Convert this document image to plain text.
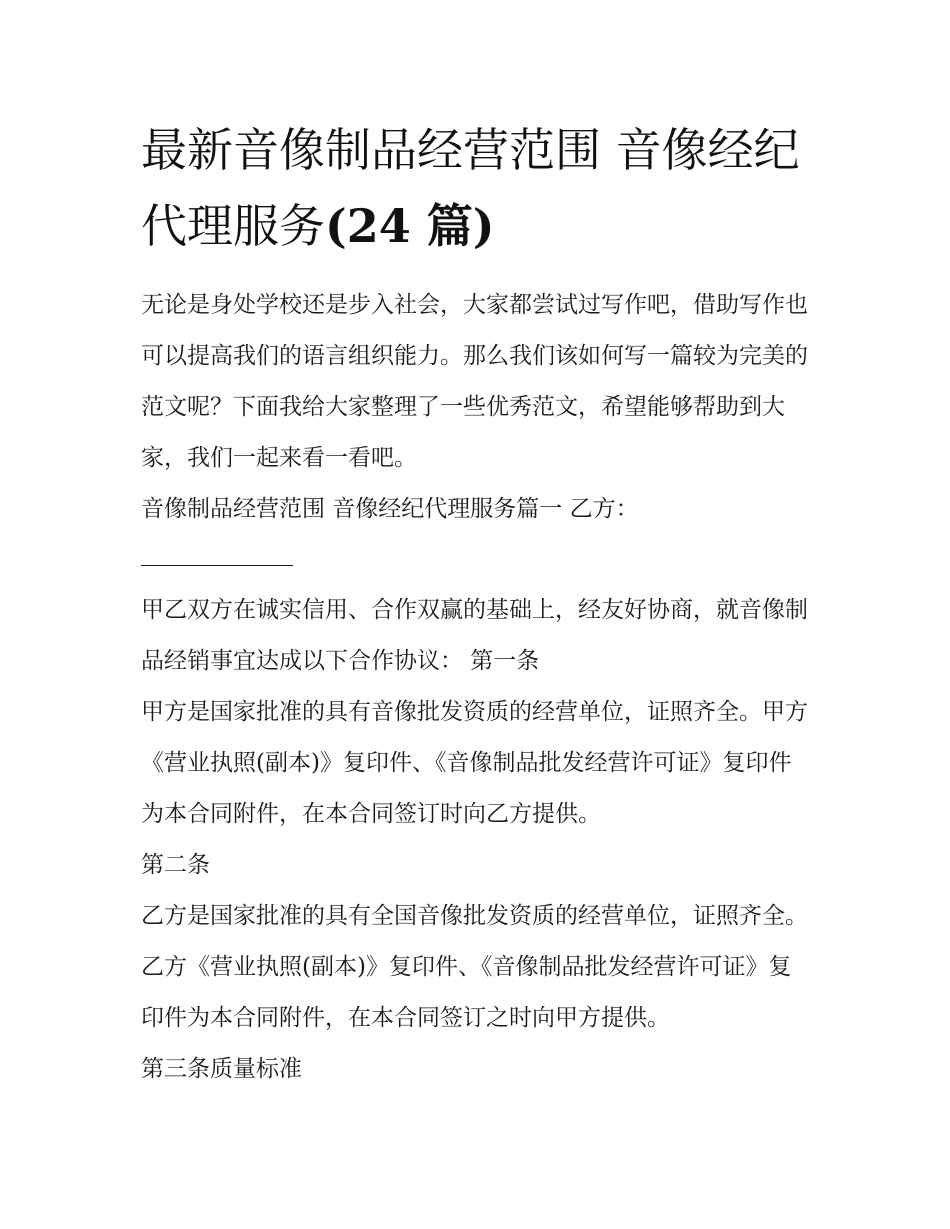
最新音像制品经营范围 音像经纪代理服务(24 篇)

无论是身处学校还是步入社会，大家都尝试过写作吧，借助写作也可以提高我们的语言组织能力。那么我们该如何写一篇较为完美的范文呢？下面我给大家整理了一些优秀范文，希望能够帮助到大家，我们一起来看一看吧。

音像制品经营范围 音像经纪代理服务篇一 乙方：

甲乙双方在诚实信用、合作双赢的基础上，经友好协商，就音像制品经销事宜达成以下合作协议： 第一条

甲方是国家批准的具有音像批发资质的经营单位，证照齐全。甲方《营业执照(副本)》复印件、《音像制品批发经营许可证》复印件为本合同附件，在本合同签订时向乙方提供。

第二条

乙方是国家批准的具有全国音像批发资质的经营单位，证照齐全。乙方《营业执照(副本)》复印件、《音像制品批发经营许可证》复印件为本合同附件，在本合同签订之时向甲方提供。

第三条质量标准
